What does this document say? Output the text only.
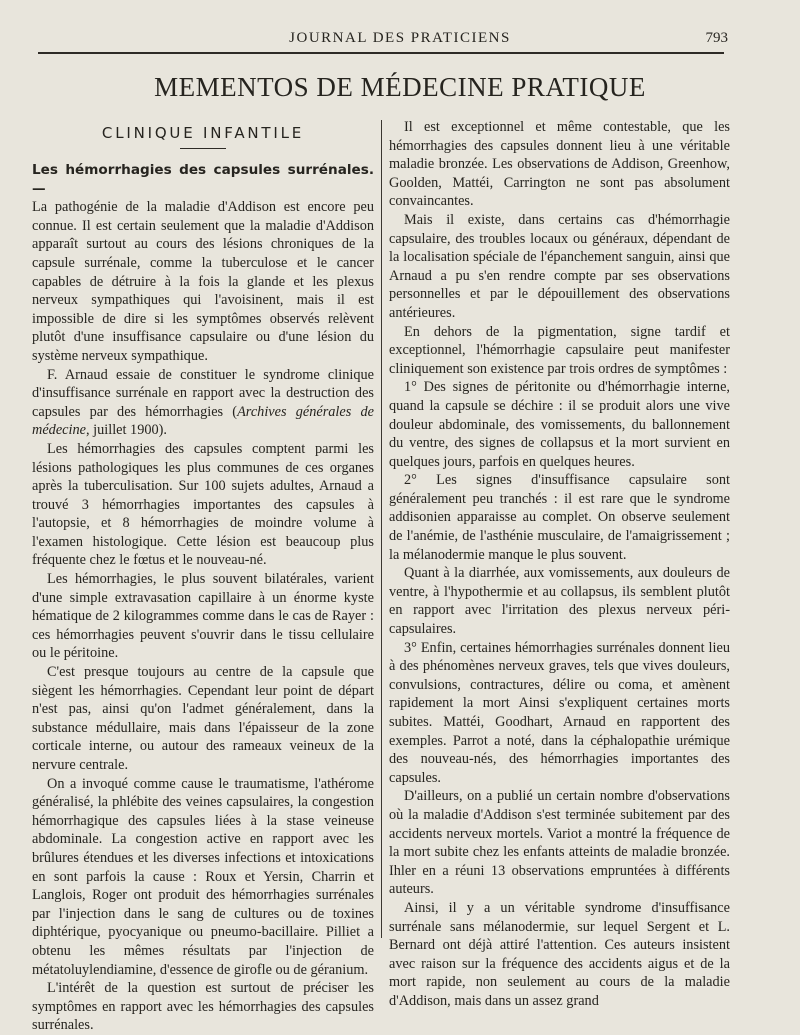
JOURNAL DES PRATICIENS	793
MEMENTOS DE MÉDECINE PRATIQUE
CLINIQUE INFANTILE

Les hémorrhagies des capsules surrénales. —
La pathogénie de la maladie d'Addison est encore peu connue. Il est certain seulement que la maladie d'Addison apparaît surtout au cours des lésions chroniques de la capsule surrénale, comme la tuberculose et le cancer capables de détruire à la fois la glande et les plexus nerveux sympathiques qui l'avoisinent, mais il est impossible de dire si les symptômes observés relèvent plutôt d'une insuffisance capsulaire ou d'une lésion du système nerveux sympathique.

F. Arnaud essaie de constituer le syndrome clinique d'insuffisance surrénale en rapport avec la destruction des capsules par des hémorrhagies (Archives générales de médecine, juillet 1900).

Les hémorrhagies des capsules comptent parmi les lésions pathologiques les plus communes de ces organes après la tuberculisation. Sur 100 sujets adultes, Arnaud a trouvé 3 hémorrhagies importantes des capsules à l'autopsie, et 8 hémorrhagies de moindre volume à l'examen histologique. Cette lésion est beaucoup plus fréquente chez le fœtus et le nouveau-né.

Les hémorrhagies, le plus souvent bilatérales, varient d'une simple extravasation capillaire à un énorme kyste hématique de 2 kilogrammes comme dans le cas de Rayer : ces hémorrhagies peuvent s'ouvrir dans le tissu cellulaire ou le péritoine.

C'est presque toujours au centre de la capsule que siègent les hémorrhagies. Cependant leur point de départ n'est pas, ainsi qu'on l'admet généralement, dans la substance médullaire, mais dans l'épaisseur de la zone corticale interne, ou autour des rameaux veineux de la nervure centrale.

On a invoqué comme cause le traumatisme, l'athérome généralisé, la phlébite des veines capsulaires, la congestion hémorrhagique des capsules liées à la stase veineuse abdominale. La congestion active en rapport avec les brûlures étendues et les diverses infections et intoxications en sont parfois la cause : Roux et Yersin, Charrin et Langlois, Roger ont produit des hémorrhagies surrénales par l'injection dans le sang de cultures ou de toxines diphtérique, pyocyanique ou pneumo-bacillaire. Pilliet a obtenu les mêmes résultats par l'injection de métatoluylendiamine, d'essence de girofle ou de géranium.

L'intérêt de la question est surtout de préciser les symptômes en rapport avec les hémorrhagies des capsules surrénales.

Il est exceptionnel et même contestable, que les hémorrhagies des capsules donnent lieu à une véritable maladie bronzée. Les observations de Addison, Greenhow, Goolden, Mattéi, Carrington ne sont pas absolument convaincantes.

Mais il existe, dans certains cas d'hémorrhagie capsulaire, des troubles locaux ou généraux, dépendant de la localisation spéciale de l'épanchement sanguin, ainsi que Arnaud a pu s'en rendre compte par ses observations personnelles et par le dépouillement des observations antérieures.

En dehors de la pigmentation, signe tardif et exceptionnel, l'hémorrhagie capsulaire peut manifester cliniquement son existence par trois ordres de symptômes :

1° Des signes de péritonite ou d'hémorrhagie interne, quand la capsule se déchire : il se produit alors une vive douleur abdominale, des vomissements, du ballonnement du ventre, des signes de collapsus et la mort survient en quelques jours, parfois en quelques heures.

2° Les signes d'insuffisance capsulaire sont généralement peu tranchés : il est rare que le syndrome addisonien apparaisse au complet. On observe seulement de l'anémie, de l'asthénie musculaire, de l'amaigrissement ; la mélanodermie manque le plus souvent.

Quant à la diarrhée, aux vomissements, aux douleurs de ventre, à l'hypothermie et au collapsus, ils semblent plutôt en rapport avec l'irritation des plexus nerveux péri-capsulaires.

3° Enfin, certaines hémorrhagies surrénales donnent lieu à des phénomènes nerveux graves, tels que vives douleurs, convulsions, contractures, délire ou coma, et amènent rapidement la mort Ainsi s'expliquent certaines morts subites. Mattéi, Goodhart, Arnaud en rapportent des exemples. Parrot a noté, dans la céphalopathie urémique des nouveau-nés, des hémorrhagies importantes des capsules.

D'ailleurs, on a publié un certain nombre d'observations où la maladie d'Addison s'est terminée subitement par des accidents nerveux mortels. Variot a montré la fréquence de la mort subite chez les enfants atteints de maladie bronzée. Ihler en a réuni 13 observations empruntées à différents auteurs.

Ainsi, il y a un véritable syndrome d'insuffisance surrénale sans mélanodermie, sur lequel Sergent et L. Bernard ont déjà attiré l'attention. Ces auteurs insistent avec raison sur la fréquence des accidents aigus et de la mort rapide, non seulement au cours de la maladie d'Addison, mais dans un assez grand
